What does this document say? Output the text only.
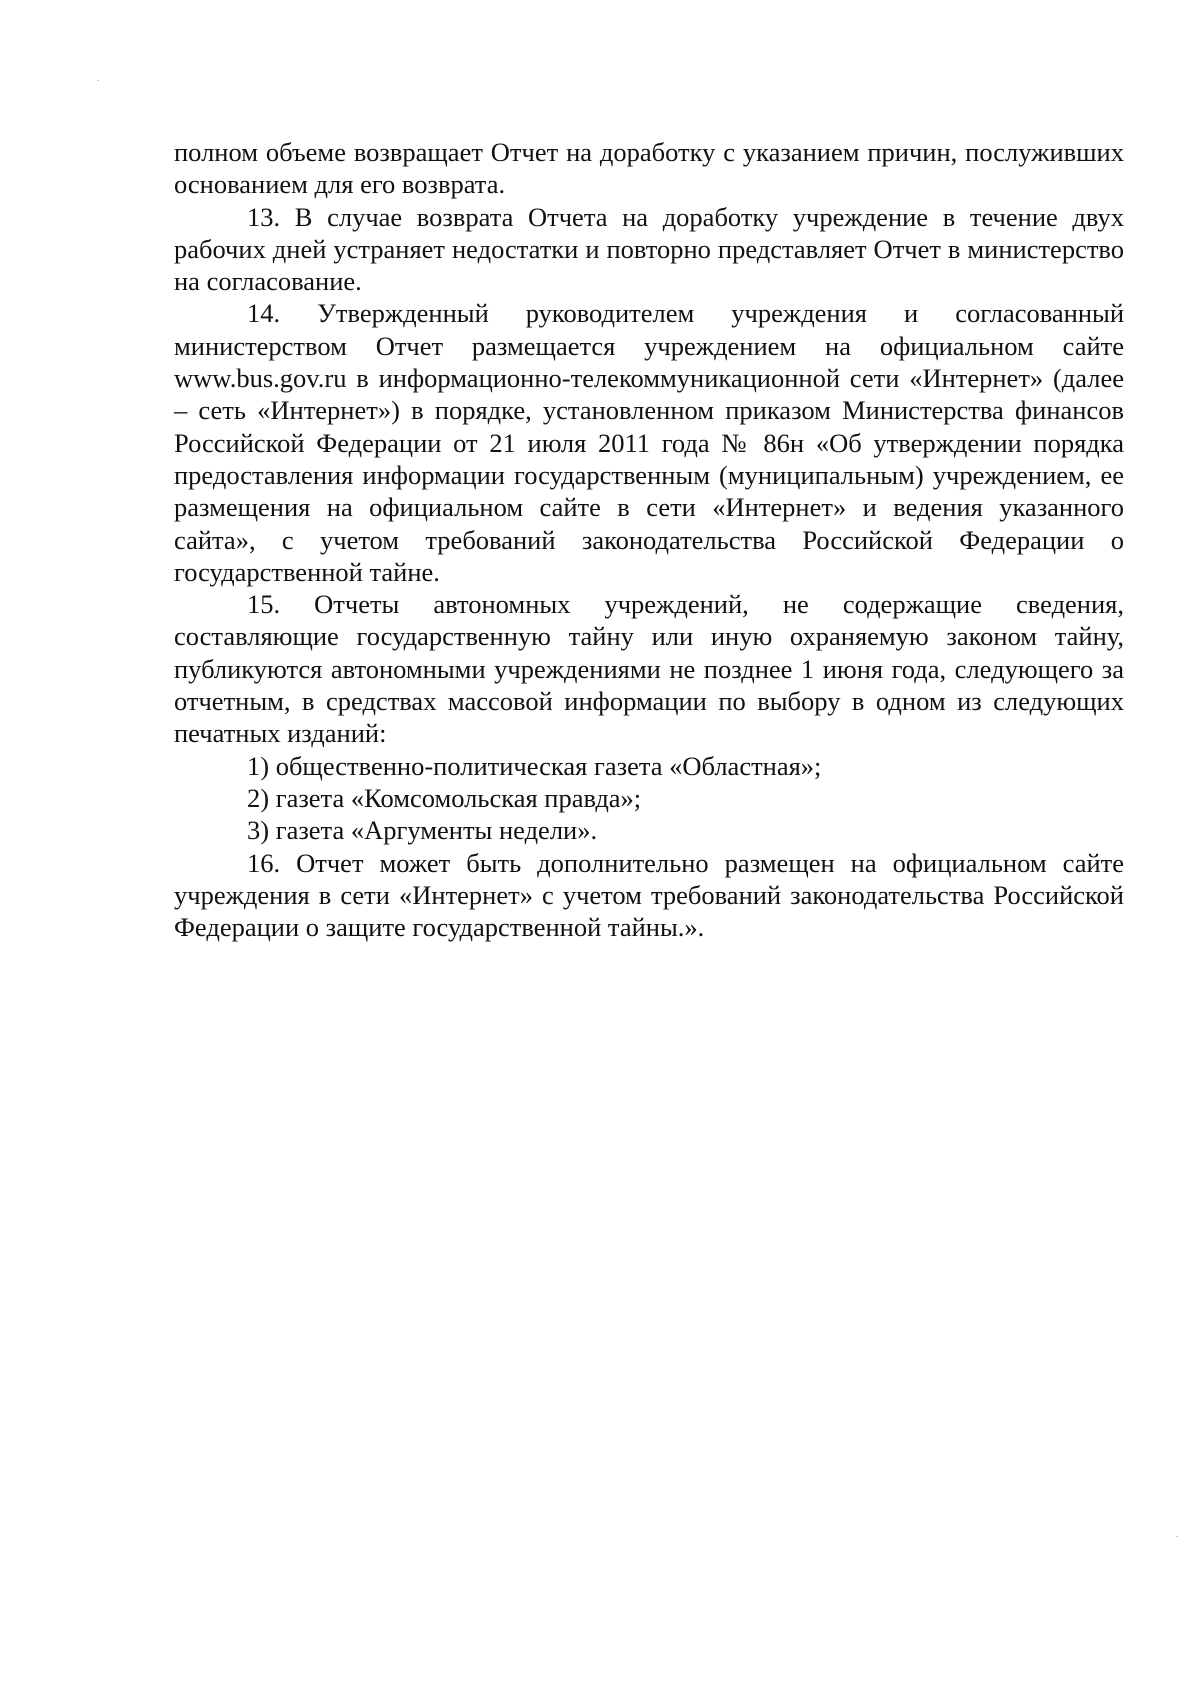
полном объеме возвращает Отчет на доработку с указанием причин, послуживших основанием для его возврата.

13. В случае возврата Отчета на доработку учреждение в течение двух рабочих дней устраняет недостатки и повторно представляет Отчет в министерство на согласование.

14. Утвержденный руководителем учреждения и согласованный министерством Отчет размещается учреждением на официальном сайте www.bus.gov.ru в информационно-телекоммуникационной сети «Интернет» (далее – сеть «Интернет») в порядке, установленном приказом Министерства финансов Российской Федерации от 21 июля 2011 года № 86н «Об утверждении порядка предоставления информации государственным (муниципальным) учреждением, ее размещения на официальном сайте в сети «Интернет» и ведения указанного сайта», с учетом требований законодательства Российской Федерации о государственной тайне.

15. Отчеты автономных учреждений, не содержащие сведения, составляющие государственную тайну или иную охраняемую законом тайну, публикуются автономными учреждениями не позднее 1 июня года, следующего за отчетным, в средствах массовой информации по выбору в одном из следующих печатных изданий:

1) общественно-политическая газета «Областная»;

2) газета «Комсомольская правда»;

3) газета «Аргументы недели».

16. Отчет может быть дополнительно размещен на официальном сайте учреждения в сети «Интернет» с учетом требований законодательства Российской Федерации о защите государственной тайны.».
